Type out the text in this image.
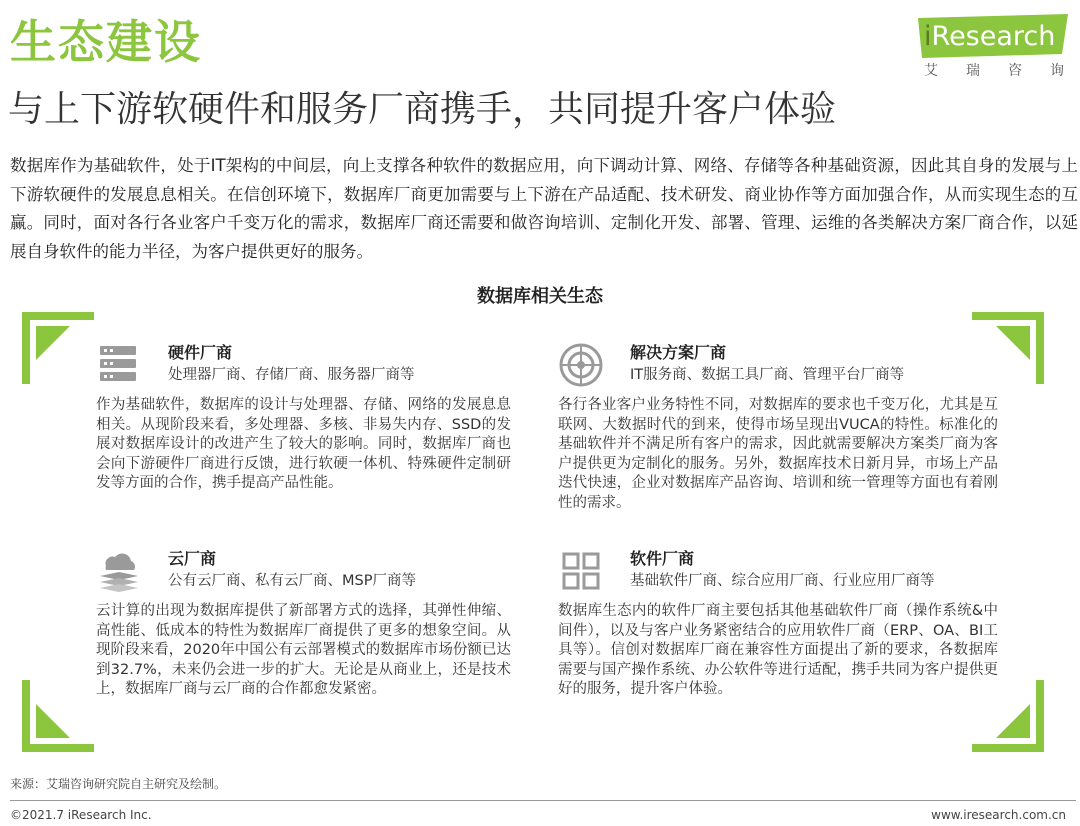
生态建设
与上下游软硬件和服务厂商携手，共同提升客户体验
iResearch
艾 瑞 咨 询
数据库作为基础软件，处于IT架构的中间层，向上支撑各种软件的数据应用，向下调动计算、网络、存储等各种基础资源，因此其自身的发展与上下游软硬件的发展息息相关。在信创环境下，数据库厂商更加需要与上下游在产品适配、技术研发、商业协作等方面加强合作，从而实现生态的互赢。同时，面对各行各业客户千变万化的需求，数据库厂商还需要和做咨询培训、定制化开发、部署、管理、运维的各类解决方案厂商合作，以延展自身软件的能力半径，为客户提供更好的服务。
数据库相关生态
硬件厂商
处理器厂商、存储厂商、服务器厂商等
作为基础软件，数据库的设计与处理器、存储、网络的发展息息相关。从现阶段来看，多处理器、多核、非易失内存、SSD的发展对数据库设计的改进产生了较大的影响。同时，数据库厂商也会向下游硬件厂商进行反馈，进行软硬一体机、特殊硬件定制研发等方面的合作，携手提高产品性能。
解决方案厂商
IT服务商、数据工具厂商、管理平台厂商等
各行各业客户业务特性不同，对数据库的要求也千变万化，尤其是互联网、大数据时代的到来，使得市场呈现出VUCA的特性。标准化的基础软件并不满足所有客户的需求，因此就需要解决方案类厂商为客户提供更为定制化的服务。另外，数据库技术日新月异，市场上产品迭代快速，企业对数据库产品咨询、培训和统一管理等方面也有着刚性的需求。
云厂商
公有云厂商、私有云厂商、MSP厂商等
云计算的出现为数据库提供了新部署方式的选择，其弹性伸缩、高性能、低成本的特性为数据库厂商提供了更多的想象空间。从现阶段来看，2020年中国公有云部署模式的数据库市场份额已达到32.7%，未来仍会进一步的扩大。无论是从商业上，还是技术上，数据库厂商与云厂商的合作都愈发紧密。
软件厂商
基础软件厂商、综合应用厂商、行业应用厂商等
数据库生态内的软件厂商主要包括其他基础软件厂商（操作系统&中间件），以及与客户业务紧密结合的应用软件厂商（ERP、OA、BI工具等）。信创对数据库厂商在兼容性方面提出了新的要求，各数据库需要与国产操作系统、办公软件等进行适配，携手共同为客户提供更好的服务，提升客户体验。
来源：艾瑞咨询研究院自主研究及绘制。
©2021.7 iResearch Inc.	www.iresearch.com.cn
